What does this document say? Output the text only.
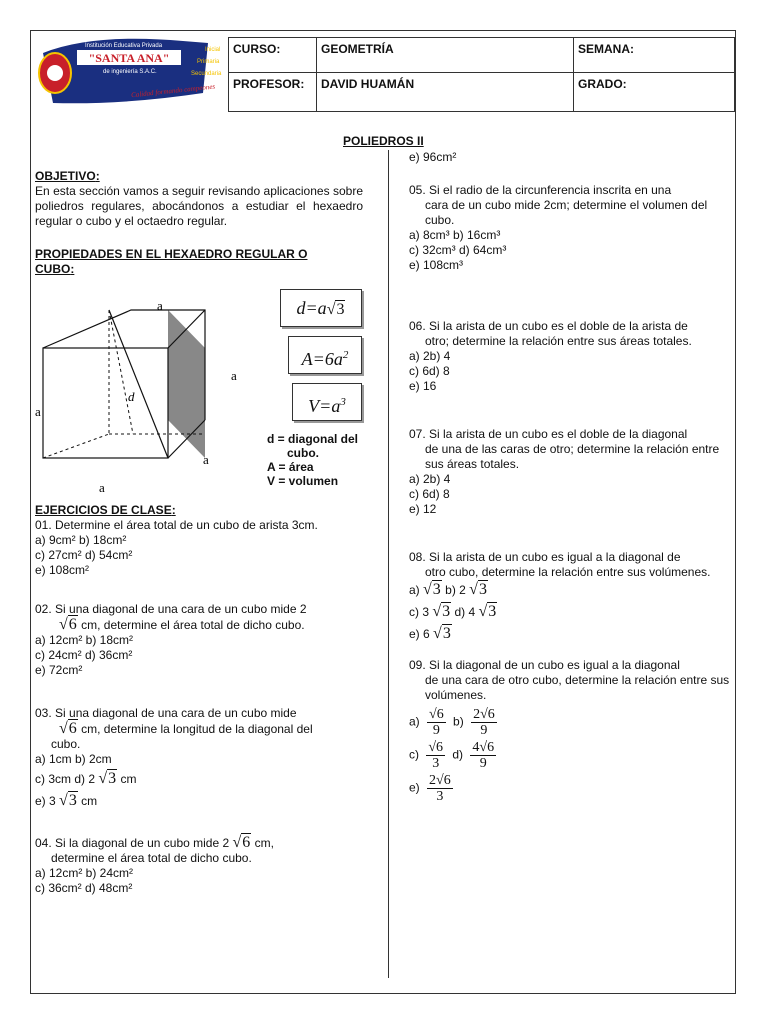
Institución Educativa Privada
"SANTA ANA"
de ingeniería S.A.C.
Inicial
Primaria
Secundaria
Calidad formando campeones
CURSO:	GEOMETRÍA	SEMANA:
PROFESOR:	DAVID HUAMÁN	GRADO:
POLIEDROS II
OBJETIVO:
En esta sección vamos a seguir revisando aplicaciones sobre poliedros regulares, abocándonos a estudiar el hexaedro regular o cubo y el octaedro regular.
PROPIEDADES EN EL HEXAEDRO REGULAR O
CUBO:
a
a
a
a
a
d
d=a√3
$A=6a^2$
$V=a^3$
d = diagonal del
cubo.
A = área
V = volumen
EJERCICIOS DE CLASE:
01. Determine el área total de un cubo de arista 3cm.
a) 9cm² b) 18cm²
c) 27cm² d) 54cm²
e) 108cm²
02. Si una diagonal de una cara de un cubo mide 2
√6 cm, determine el área total de dicho cubo.
a) 12cm² b) 18cm²
c) 24cm² d) 36cm²
e) 72cm²
03. Si una diagonal de una cara de un cubo mide
√6 cm, determine la longitud de la diagonal del
cubo.
a) 1cm b) 2cm
c) 3cm d) 2 √3 cm
e) 3 √3 cm
04. Si la diagonal de un cubo mide 2 √6 cm,
determine el área total de dicho cubo.
a) 12cm² b) 24cm²
c) 36cm² d) 48cm²
e) 96cm²
05. Si el radio de la circunferencia inscrita en una
cara de un cubo mide 2cm; determine el volumen del cubo.
a) 8cm³ b) 16cm³
c) 32cm³ d) 64cm³
e) 108cm³
06. Si la arista de un cubo es el doble de la arista de
otro; determine la relación entre sus áreas totales.
a) 2b) 4
c) 6d) 8
e) 16
07. Si la arista de un cubo es el doble de la diagonal
de una de las caras de otro; determine la relación entre sus áreas totales.
a) 2b) 4
c) 6d) 8
e) 12
08. Si la arista de un cubo es igual a la diagonal de
otro cubo, determine la relación entre sus volúmenes.
a) √3 b) 2 √3
c) 3 √3 d) 4 √3
e) 6 √3
09. Si la diagonal de un cubo es igual a la diagonal
de una cara de otro cubo, determine la relación entre sus volúmenes.
$a) \frac{√6}{9} b) \frac{2√6}{9}$
$c) \frac{√6}{3} d) \frac{4√6}{9}$
$e) \frac{2√6}{3}$
